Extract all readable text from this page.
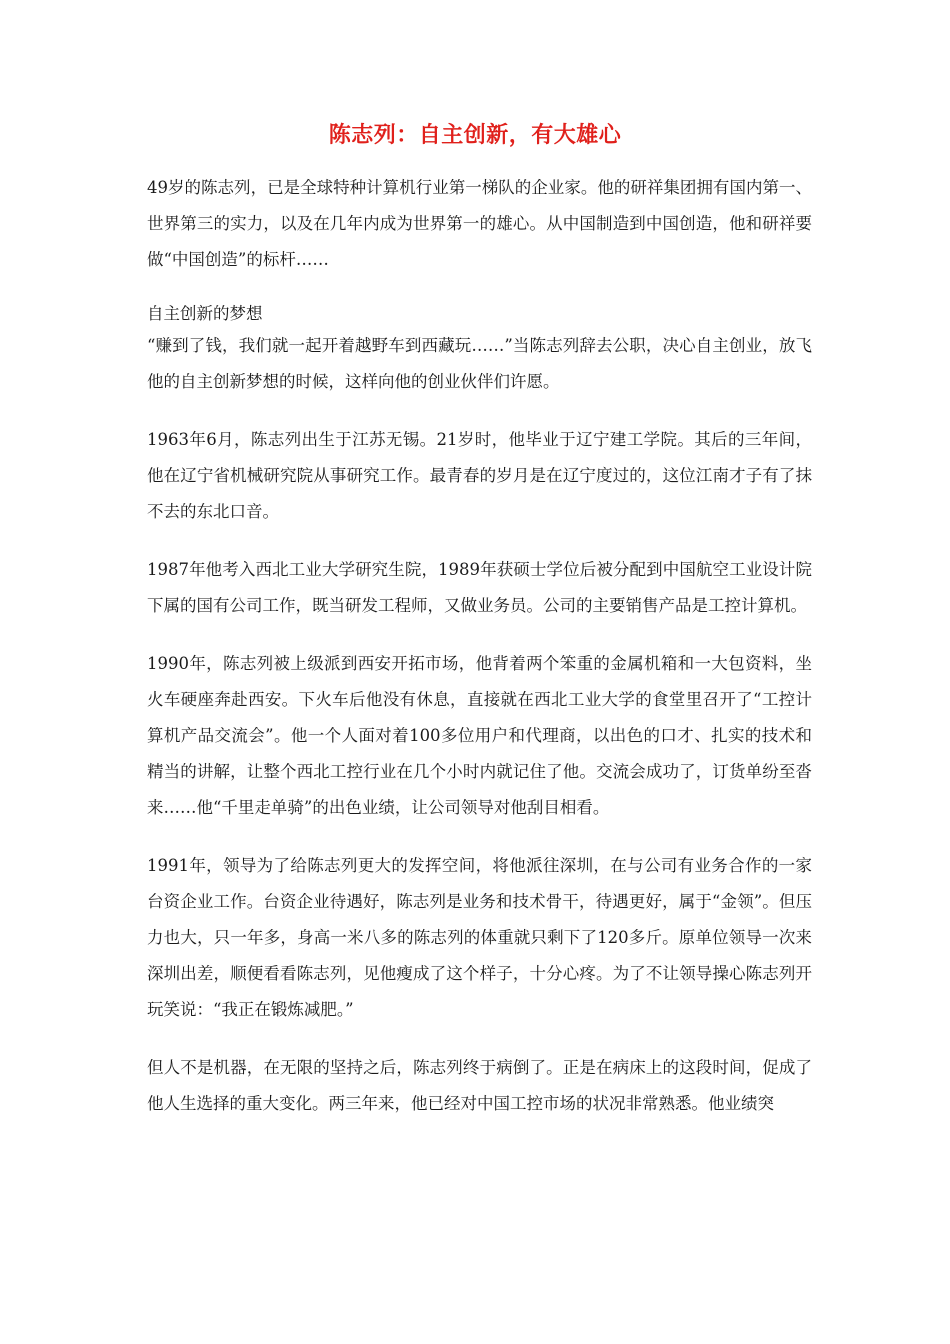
陈志列：自主创新，有大雄心

49岁的陈志列，已是全球特种计算机行业第一梯队的企业家。他的研祥集团拥有国内第一、世界第三的实力，以及在几年内成为世界第一的雄心。从中国制造到中国创造，他和研祥要做“中国创造”的标杆……

自主创新的梦想

“赚到了钱，我们就一起开着越野车到西藏玩……”当陈志列辞去公职，决心自主创业，放飞他的自主创新梦想的时候，这样向他的创业伙伴们许愿。

1963年6月，陈志列出生于江苏无锡。21岁时，他毕业于辽宁建工学院。其后的三年间，他在辽宁省机械研究院从事研究工作。最青春的岁月是在辽宁度过的，这位江南才子有了抹不去的东北口音。

1987年他考入西北工业大学研究生院，1989年获硕士学位后被分配到中国航空工业设计院下属的国有公司工作，既当研发工程师，又做业务员。公司的主要销售产品是工控计算机。

1990年，陈志列被上级派到西安开拓市场，他背着两个笨重的金属机箱和一大包资料，坐火车硬座奔赴西安。下火车后他没有休息，直接就在西北工业大学的食堂里召开了“工控计算机产品交流会”。他一个人面对着100多位用户和代理商，以出色的口才、扎实的技术和精当的讲解，让整个西北工控行业在几个小时内就记住了他。交流会成功了，订货单纷至沓来……他“千里走单骑”的出色业绩，让公司领导对他刮目相看。

1991年，领导为了给陈志列更大的发挥空间，将他派往深圳，在与公司有业务合作的一家台资企业工作。台资企业待遇好，陈志列是业务和技术骨干，待遇更好，属于“金领”。但压力也大，只一年多，身高一米八多的陈志列的体重就只剩下了120多斤。原单位领导一次来深圳出差，顺便看看陈志列，见他瘦成了这个样子，十分心疼。为了不让领导操心陈志列开玩笑说：“我正在锻炼减肥。”

但人不是机器，在无限的坚持之后，陈志列终于病倒了。正是在病床上的这段时间，促成了他人生选择的重大变化。两三年来，他已经对中国工控市场的状况非常熟悉。他业绩突
